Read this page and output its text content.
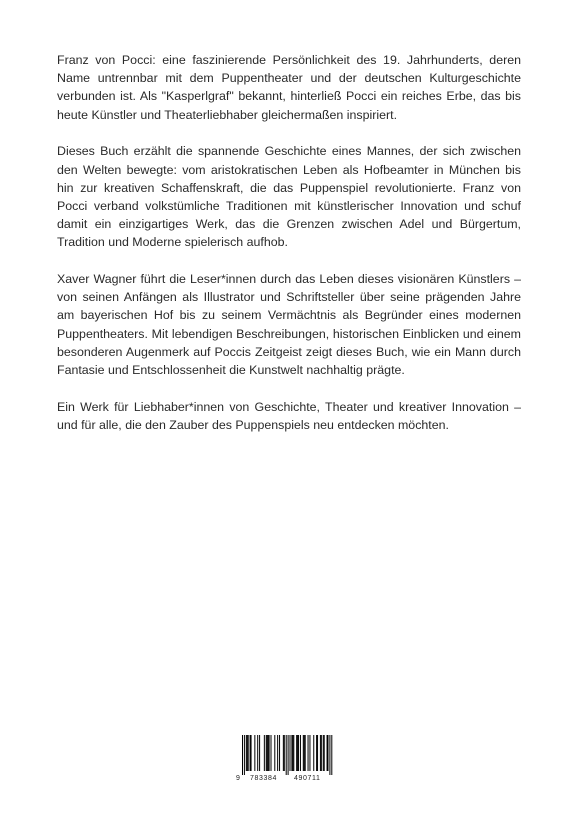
Franz von Pocci: eine faszinierende Persönlichkeit des 19. Jahrhunderts, deren Name untrennbar mit dem Puppentheater und der deutschen Kulturgeschichte verbunden ist. Als "Kasperlgraf" bekannt, hinterließ Pocci ein reiches Erbe, das bis heute Künstler und Theaterliebhaber gleichermaßen inspiriert.

Dieses Buch erzählt die spannende Geschichte eines Mannes, der sich zwischen den Welten bewegte: vom aristokratischen Leben als Hofbeamter in München bis hin zur kreativen Schaffenskraft, die das Puppenspiel revolutionierte. Franz von Pocci verband volkstümliche Traditionen mit künstlerischer Innovation und schuf damit ein einzigartiges Werk, das die Grenzen zwischen Adel und Bürgertum, Tradition und Moderne spielerisch aufhob.

Xaver Wagner führt die Leser*innen durch das Leben dieses visionären Künstlers – von seinen Anfängen als Illustrator und Schriftsteller über seine prägenden Jahre am bayerischen Hof bis zu seinem Vermächtnis als Begründer eines modernen Puppentheaters. Mit lebendigen Beschreibungen, historischen Einblicken und einem besonderen Augenmerk auf Poccis Zeitgeist zeigt dieses Buch, wie ein Mann durch Fantasie und Entschlossenheit die Kunstwelt nachhaltig prägte.

Ein Werk für Liebhaber*innen von Geschichte, Theater und kreativer Innovation – und für alle, die den Zauber des Puppenspiels neu entdecken möchten.

9 783384 490711
